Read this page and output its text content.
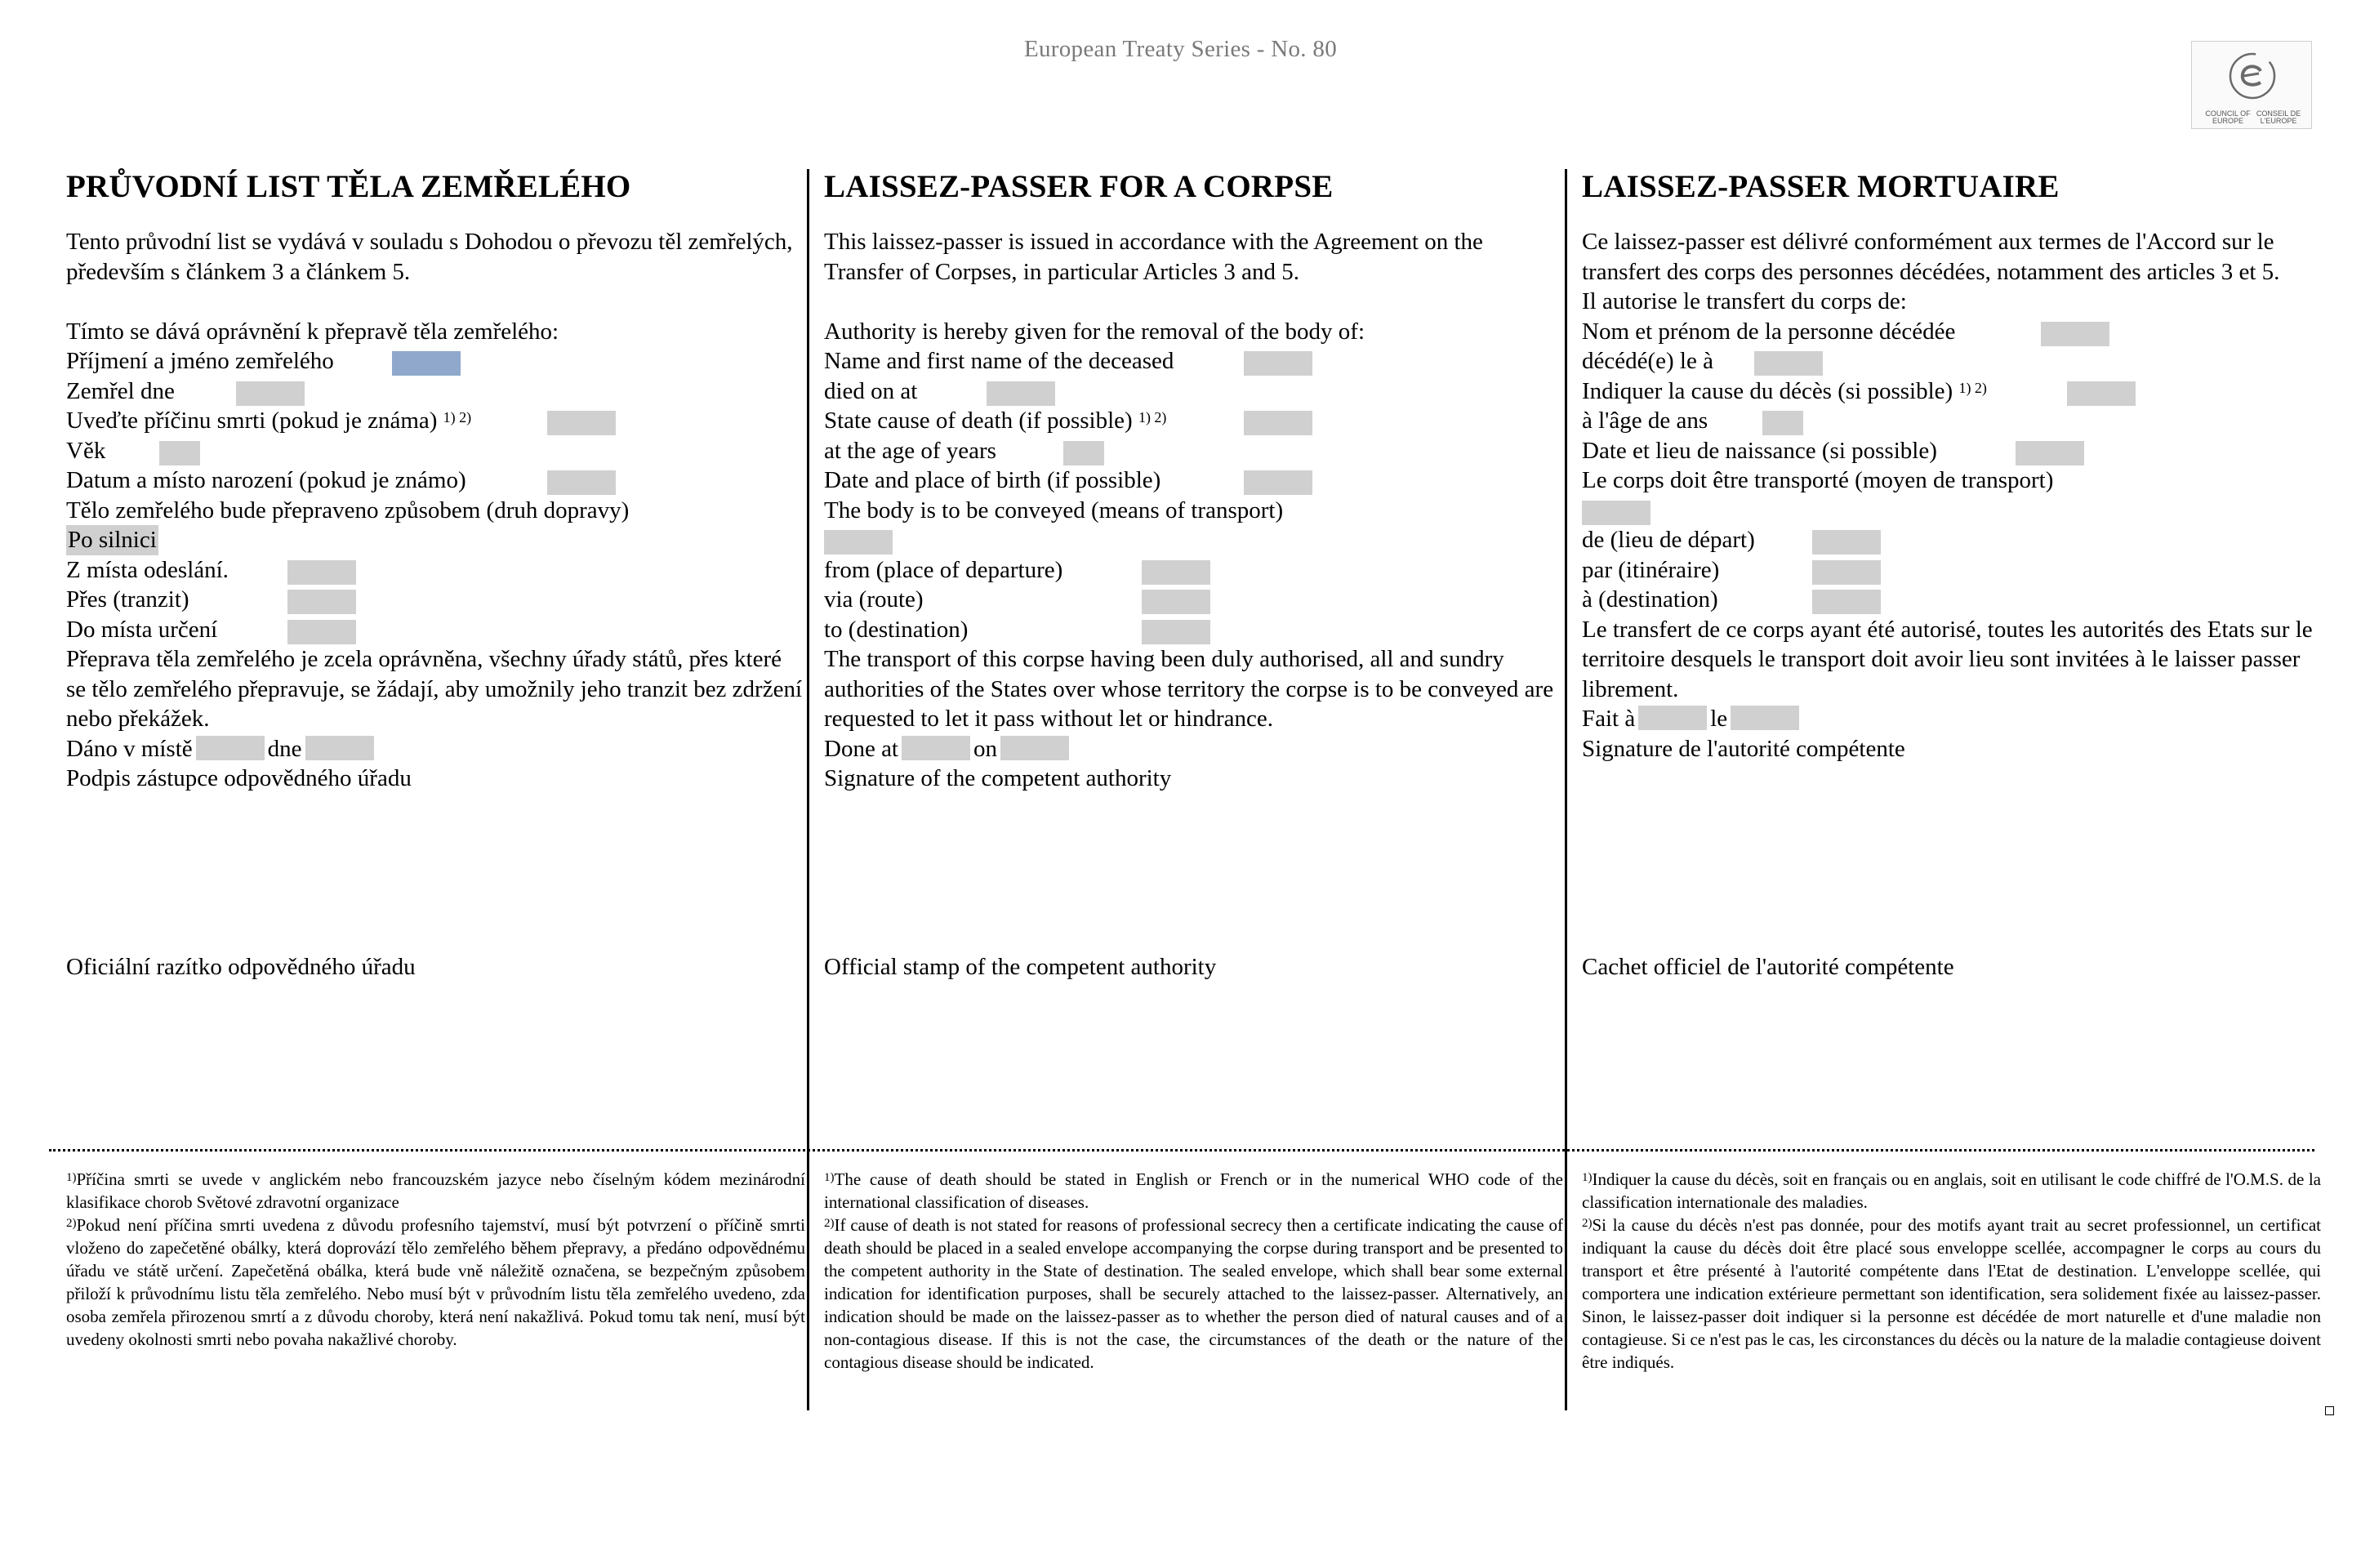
European Treaty Series - No. 80
COUNCIL OF EUROPE
CONSEIL DE L'EUROPE
PRŮVODNÍ LIST TĚLA ZEMŘELÉHO
Tento průvodní list se vydává v souladu s Dohodou o převozu těl zemřelých, především s článkem 3 a článkem 5.
Tímto se dává oprávnění k přepravě těla zemřelého:
Příjmení a jméno zemřelého
Zemřel dne
Uveďte příčinu smrti (pokud je známa) $^{1) 2)}$
Věk
Datum a místo narození (pokud je známo)
Tělo zemřelého bude přepraveno způsobem (druh dopravy)
Po silnici
Z místa odeslání.
Přes (tranzit)
Do místa určení
Přeprava těla zemřelého je zcela oprávněna, všechny úřady států, přes které se tělo zemřelého přepravuje, se žádají, aby umožnily jeho tranzit bez zdržení nebo překážek.
Dáno v místě	dne
Podpis zástupce odpovědného úřadu
Oficiální razítko odpovědného úřadu
LAISSEZ-PASSER FOR A CORPSE
This laissez-passer is issued in accordance with the Agreement on the Transfer of Corpses, in particular Articles 3 and 5.
Authority is hereby given for the removal of the body of:
Name and first name of the deceased
died on at
State cause of death (if possible) $^{1) 2)}$
at the age of years
Date and place of birth (if possible)
The body is to be conveyed (means of transport)
from (place of departure)
via (route)
to (destination)
The transport of this corpse having been duly authorised, all and sundry authorities of the States over whose territory the corpse is to be conveyed are requested to let it pass without let or hindrance.
Done at	on
Signature of the competent authority
Official stamp of the competent authority
LAISSEZ-PASSER MORTUAIRE
Ce laissez-passer est délivré conformément aux termes de l'Accord sur le transfert des corps des personnes décédées, notamment des articles 3 et 5.
Il autorise le transfert du corps de:
Nom et prénom de la personne décédée
décédé(e) le à
Indiquer la cause du décès (si possible) $^{1) 2)}$
à l'âge de ans
Date et lieu de naissance (si possible)
Le corps doit être transporté (moyen de transport)
de (lieu de départ)
par (itinéraire)
à (destination)
Le transfert de ce corps ayant été autorisé, toutes les autorités des Etats sur le territoire desquels le transport doit avoir lieu sont invitées à le laisser passer librement.
Fait à	le
Signature de l'autorité compétente
Cachet officiel de l'autorité compétente

$^{1)}$Příčina smrti se uvede v anglickém nebo francouzském jazyce nebo číselným kódem mezinárodní klasifikace chorob Světové zdravotní organizace

$^{2)}$Pokud není příčina smrti uvedena z důvodu profesního tajemství, musí být potvrzení o příčině smrti vloženo do zapečetěné obálky, která doprovází tělo zemřelého během přepravy, a předáno odpovědnému úřadu ve státě určení. Zapečetěná obálka, která bude vně náležitě označena, se bezpečným způsobem přiloží k průvodnímu listu těla zemřelého. Nebo musí být v průvodním listu těla zemřelého uvedeno, zda osoba zemřela přirozenou smrtí a z důvodu choroby, která není nakažlivá. Pokud tomu tak není, musí být uvedeny okolnosti smrti nebo povaha nakažlivé choroby.

$^{1)}$The cause of death should be stated in English or French or in the numerical WHO code of the international classification of diseases.

$^{2)}$If cause of death is not stated for reasons of professional secrecy then a certificate indicating the cause of death should be placed in a sealed envelope accompanying the corpse during transport and be presented to the competent authority in the State of destination. The sealed envelope, which shall bear some external indication for identification purposes, shall be securely attached to the laissez-passer. Alternatively, an indication should be made on the laissez-passer as to whether the person died of natural causes and of a non-contagious disease. If this is not the case, the circumstances of the death or the nature of the contagious disease should be indicated.

$^{1)}$Indiquer la cause du décès, soit en français ou en anglais, soit en utilisant le code chiffré de l'O.M.S. de la classification internationale des maladies.

$^{2)}$Si la cause du décès n'est pas donnée, pour des motifs ayant trait au secret professionnel, un certificat indiquant la cause du décès doit être placé sous enveloppe scellée, accompagner le corps au cours du transport et être présenté à l'autorité compétente dans l'Etat de destination. L'enveloppe scellée, qui comportera une indication extérieure permettant son identification, sera solidement fixée au laissez-passer. Sinon, le laissez-passer doit indiquer si la personne est décédée de mort naturelle et d'une maladie non contagieuse. Si ce n'est pas le cas, les circonstances du décès ou la nature de la maladie contagieuse doivent être indiqués.
